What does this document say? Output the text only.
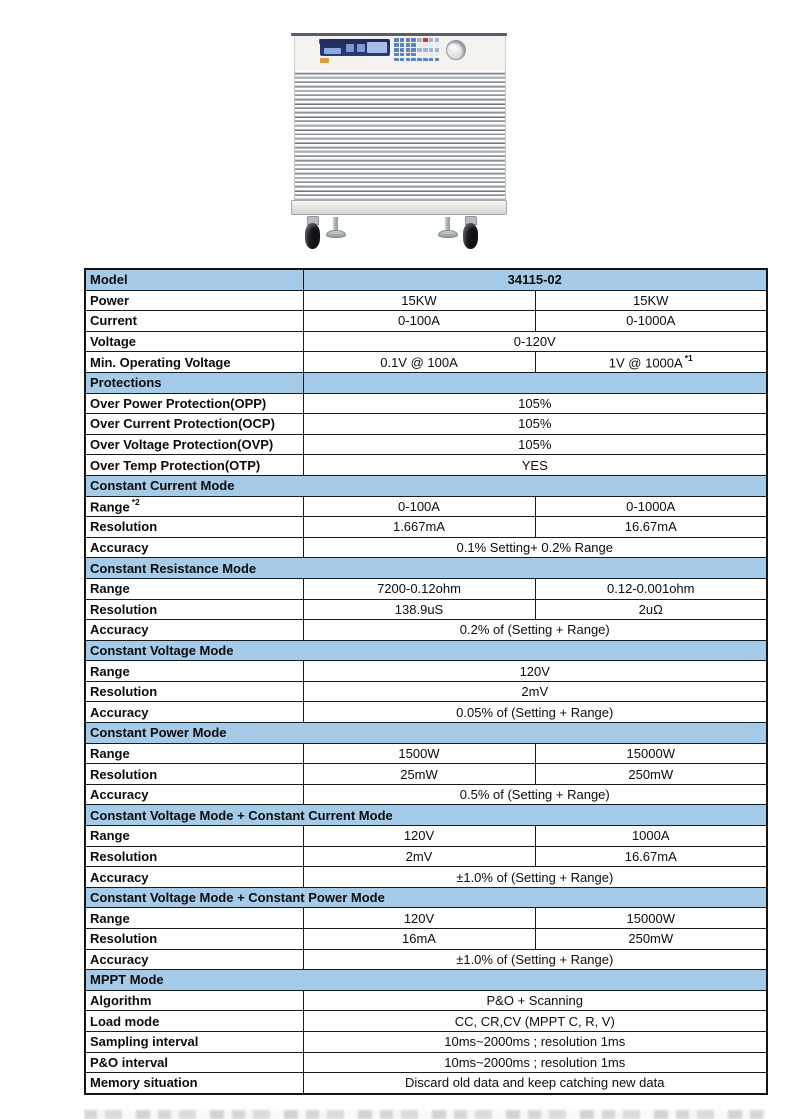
Model	34115-02	
Power	15KW	15KW
Current	0-100A	0-1000A
Voltage	0-120V	
Min. Operating Voltage	0.1V @ 100A	1V @ 1000A $^{*1}$
Protections		
Over Power Protection(OPP)	105%	
Over Current Protection(OCP)	105%	
Over Voltage Protection(OVP)	105%	
Over Temp Protection(OTP)	YES	
Constant Current Mode		
Range $^{*2}$	0-100A	0-1000A
Resolution	1.667mA	16.67mA
Accuracy	0.1% Setting+ 0.2% Range	
Constant Resistance Mode		
Range	7200-0.12ohm	0.12-0.001ohm
Resolution	138.9uS	2uΩ
Accuracy	0.2% of (Setting + Range)	
Constant Voltage Mode		
Range	120V	
Resolution	2mV	
Accuracy	0.05% of (Setting + Range)	
Constant Power Mode		
Range	1500W	15000W
Resolution	25mW	250mW
Accuracy	0.5% of (Setting + Range)	
Constant Voltage Mode + Constant Current Mode		
Range	120V	1000A
Resolution	2mV	16.67mA
Accuracy	±1.0% of (Setting + Range)	
Constant Voltage Mode + Constant Power Mode		
Range	120V	15000W
Resolution	16mA	250mW
Accuracy	±1.0% of (Setting + Range)	
MPPT Mode		
Algorithm	P&O + Scanning	
Load mode	CC, CR,CV (MPPT C, R, V)	
Sampling interval	10ms~2000ms ; resolution 1ms	
P&O interval	10ms~2000ms ; resolution 1ms	
Memory situation	Discard old data and keep catching new data	
